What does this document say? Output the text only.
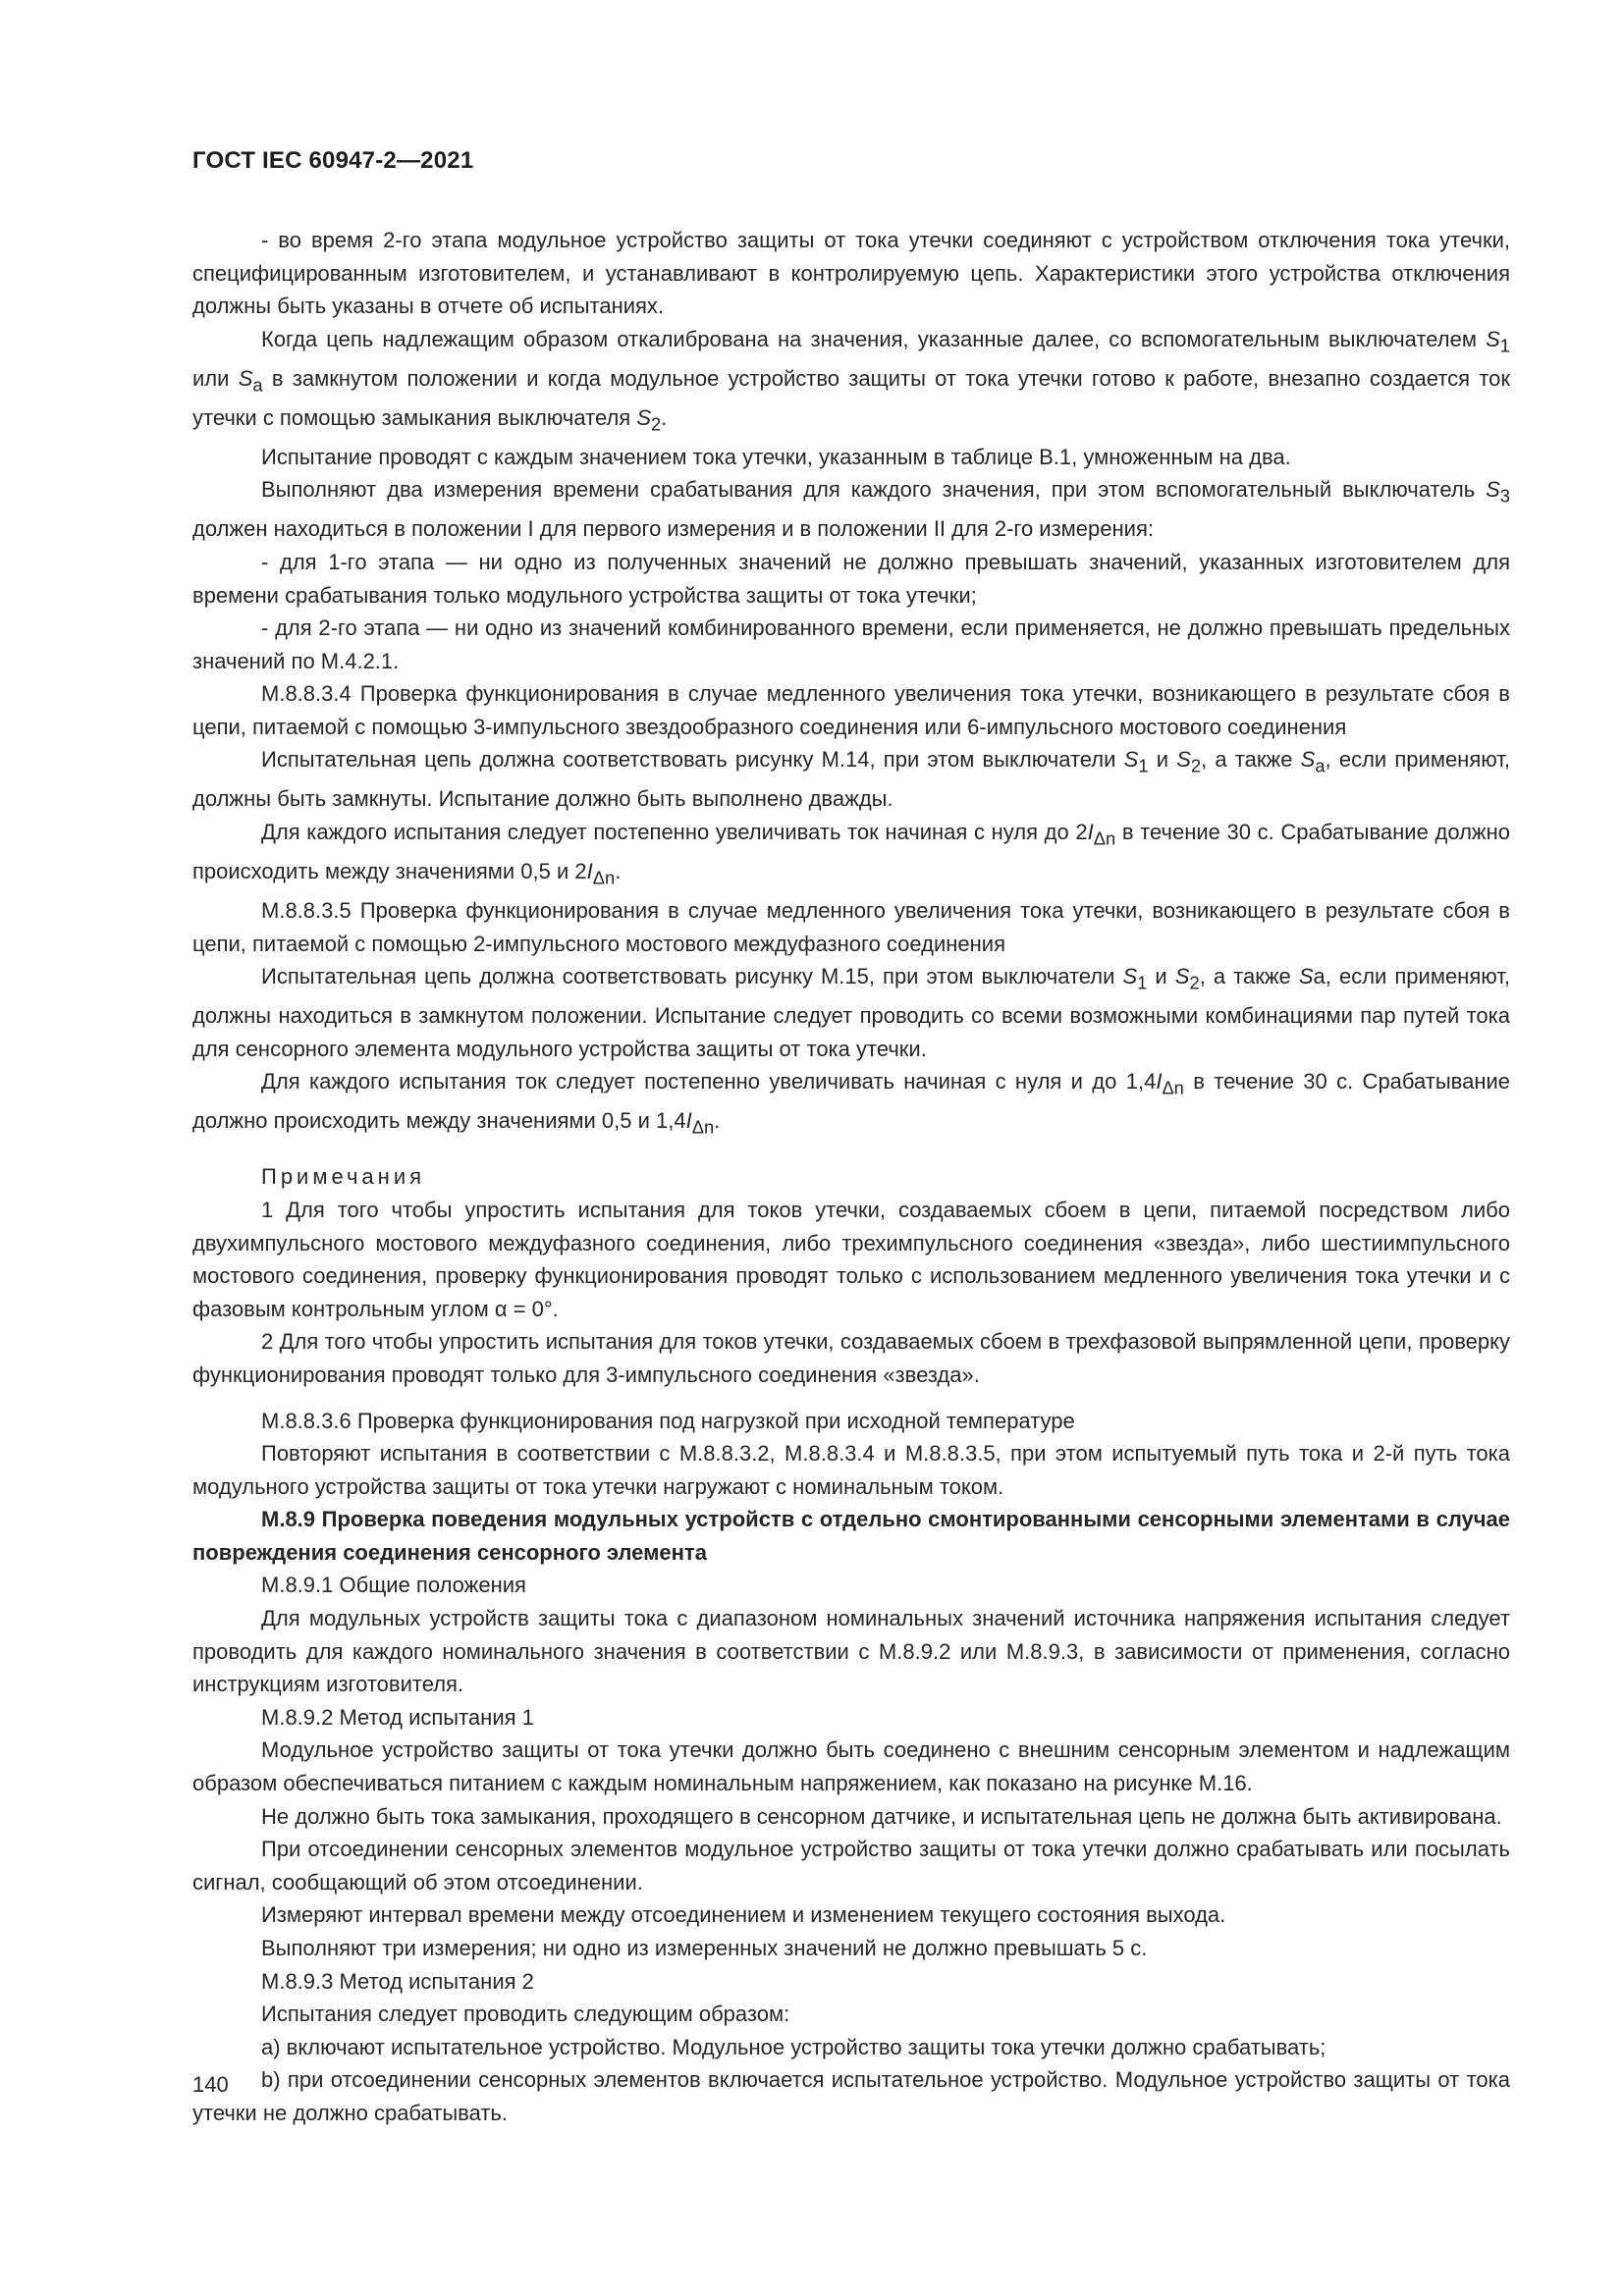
ГОСТ IEC 60947-2—2021

- во время 2-го этапа модульное устройство защиты от тока утечки соединяют с устройством отключения тока утечки, специфицированным изготовителем, и устанавливают в контролируемую цепь. Характеристики этого устройства отключения должны быть указаны в отчете об испытаниях.

Когда цепь надлежащим образом откалибрована на значения, указанные далее, со вспомогательным выключателем $S_1$ или $S_a$ в замкнутом положении и когда модульное устройство защиты от тока утечки готово к работе, внезапно создается ток утечки с помощью замыкания выключателя $S_2$.

Испытание проводят с каждым значением тока утечки, указанным в таблице В.1, умноженным на два.

Выполняют два измерения времени срабатывания для каждого значения, при этом вспомогательный выключатель $S_3$ должен находиться в положении I для первого измерения и в положении II для 2-го измерения:

- для 1-го этапа — ни одно из полученных значений не должно превышать значений, указанных изготовителем для времени срабатывания только модульного устройства защиты от тока утечки;

- для 2-го этапа — ни одно из значений комбинированного времени, если применяется, не должно превышать предельных значений по М.4.2.1.

М.8.8.3.4 Проверка функционирования в случае медленного увеличения тока утечки, возникающего в результате сбоя в цепи, питаемой с помощью 3-импульсного звездообразного соединения или 6-импульсного мостового соединения

Испытательная цепь должна соответствовать рисунку М.14, при этом выключатели $S_1$ и $S_2$, а также $S_a$, если применяют, должны быть замкнуты. Испытание должно быть выполнено дважды.

Для каждого испытания следует постепенно увеличивать ток начиная с нуля до $2I_{\Delta n}$ в течение 30 с. Срабатывание должно происходить между значениями 0,5 и $2I_{\Delta n}$.

М.8.8.3.5 Проверка функционирования в случае медленного увеличения тока утечки, возникающего в результате сбоя в цепи, питаемой с помощью 2-импульсного мостового междуфазного соединения

Испытательная цепь должна соответствовать рисунку М.15, при этом выключатели $S_1$ и $S_2$, а также Sa, если применяют, должны находиться в замкнутом положении. Испытание следует проводить со всеми возможными комбинациями пар путей тока для сенсорного элемента модульного устройства защиты от тока утечки.

Для каждого испытания ток следует постепенно увеличивать начиная с нуля и до $1,4I_{\Delta n}$ в течение 30 с. Срабатывание должно происходить между значениями 0,5 и $1,4I_{\Delta n}$.

Примечания

1 Для того чтобы упростить испытания для токов утечки, создаваемых сбоем в цепи, питаемой посредством либо двухимпульсного мостового междуфазного соединения, либо трехимпульсного соединения «звезда», либо шестиимпульсного мостового соединения, проверку функционирования проводят только с использованием медленного увеличения тока утечки и с фазовым контрольным углом α = 0°.

2 Для того чтобы упростить испытания для токов утечки, создаваемых сбоем в трехфазовой выпрямленной цепи, проверку функционирования проводят только для 3-импульсного соединения «звезда».

М.8.8.3.6 Проверка функционирования под нагрузкой при исходной температуре

Повторяют испытания в соответствии с М.8.8.3.2, М.8.8.3.4 и М.8.8.3.5, при этом испытуемый путь тока и 2-й путь тока модульного устройства защиты от тока утечки нагружают с номинальным током.

М.8.9 Проверка поведения модульных устройств с отдельно смонтированными сенсорными элементами в случае повреждения соединения сенсорного элемента

М.8.9.1 Общие положения

Для модульных устройств защиты тока с диапазоном номинальных значений источника напряжения испытания следует проводить для каждого номинального значения в соответствии с М.8.9.2 или М.8.9.3, в зависимости от применения, согласно инструкциям изготовителя.

М.8.9.2 Метод испытания 1

Модульное устройство защиты от тока утечки должно быть соединено с внешним сенсорным элементом и надлежащим образом обеспечиваться питанием с каждым номинальным напряжением, как показано на рисунке М.16.

Не должно быть тока замыкания, проходящего в сенсорном датчике, и испытательная цепь не должна быть активирована.

При отсоединении сенсорных элементов модульное устройство защиты от тока утечки должно срабатывать или посылать сигнал, сообщающий об этом отсоединении.

Измеряют интервал времени между отсоединением и изменением текущего состояния выхода.

Выполняют три измерения; ни одно из измеренных значений не должно превышать 5 с.

М.8.9.3 Метод испытания 2

Испытания следует проводить следующим образом:

a) включают испытательное устройство. Модульное устройство защиты тока утечки должно срабатывать;

b) при отсоединении сенсорных элементов включается испытательное устройство. Модульное устройство защиты от тока утечки не должно срабатывать.

140
